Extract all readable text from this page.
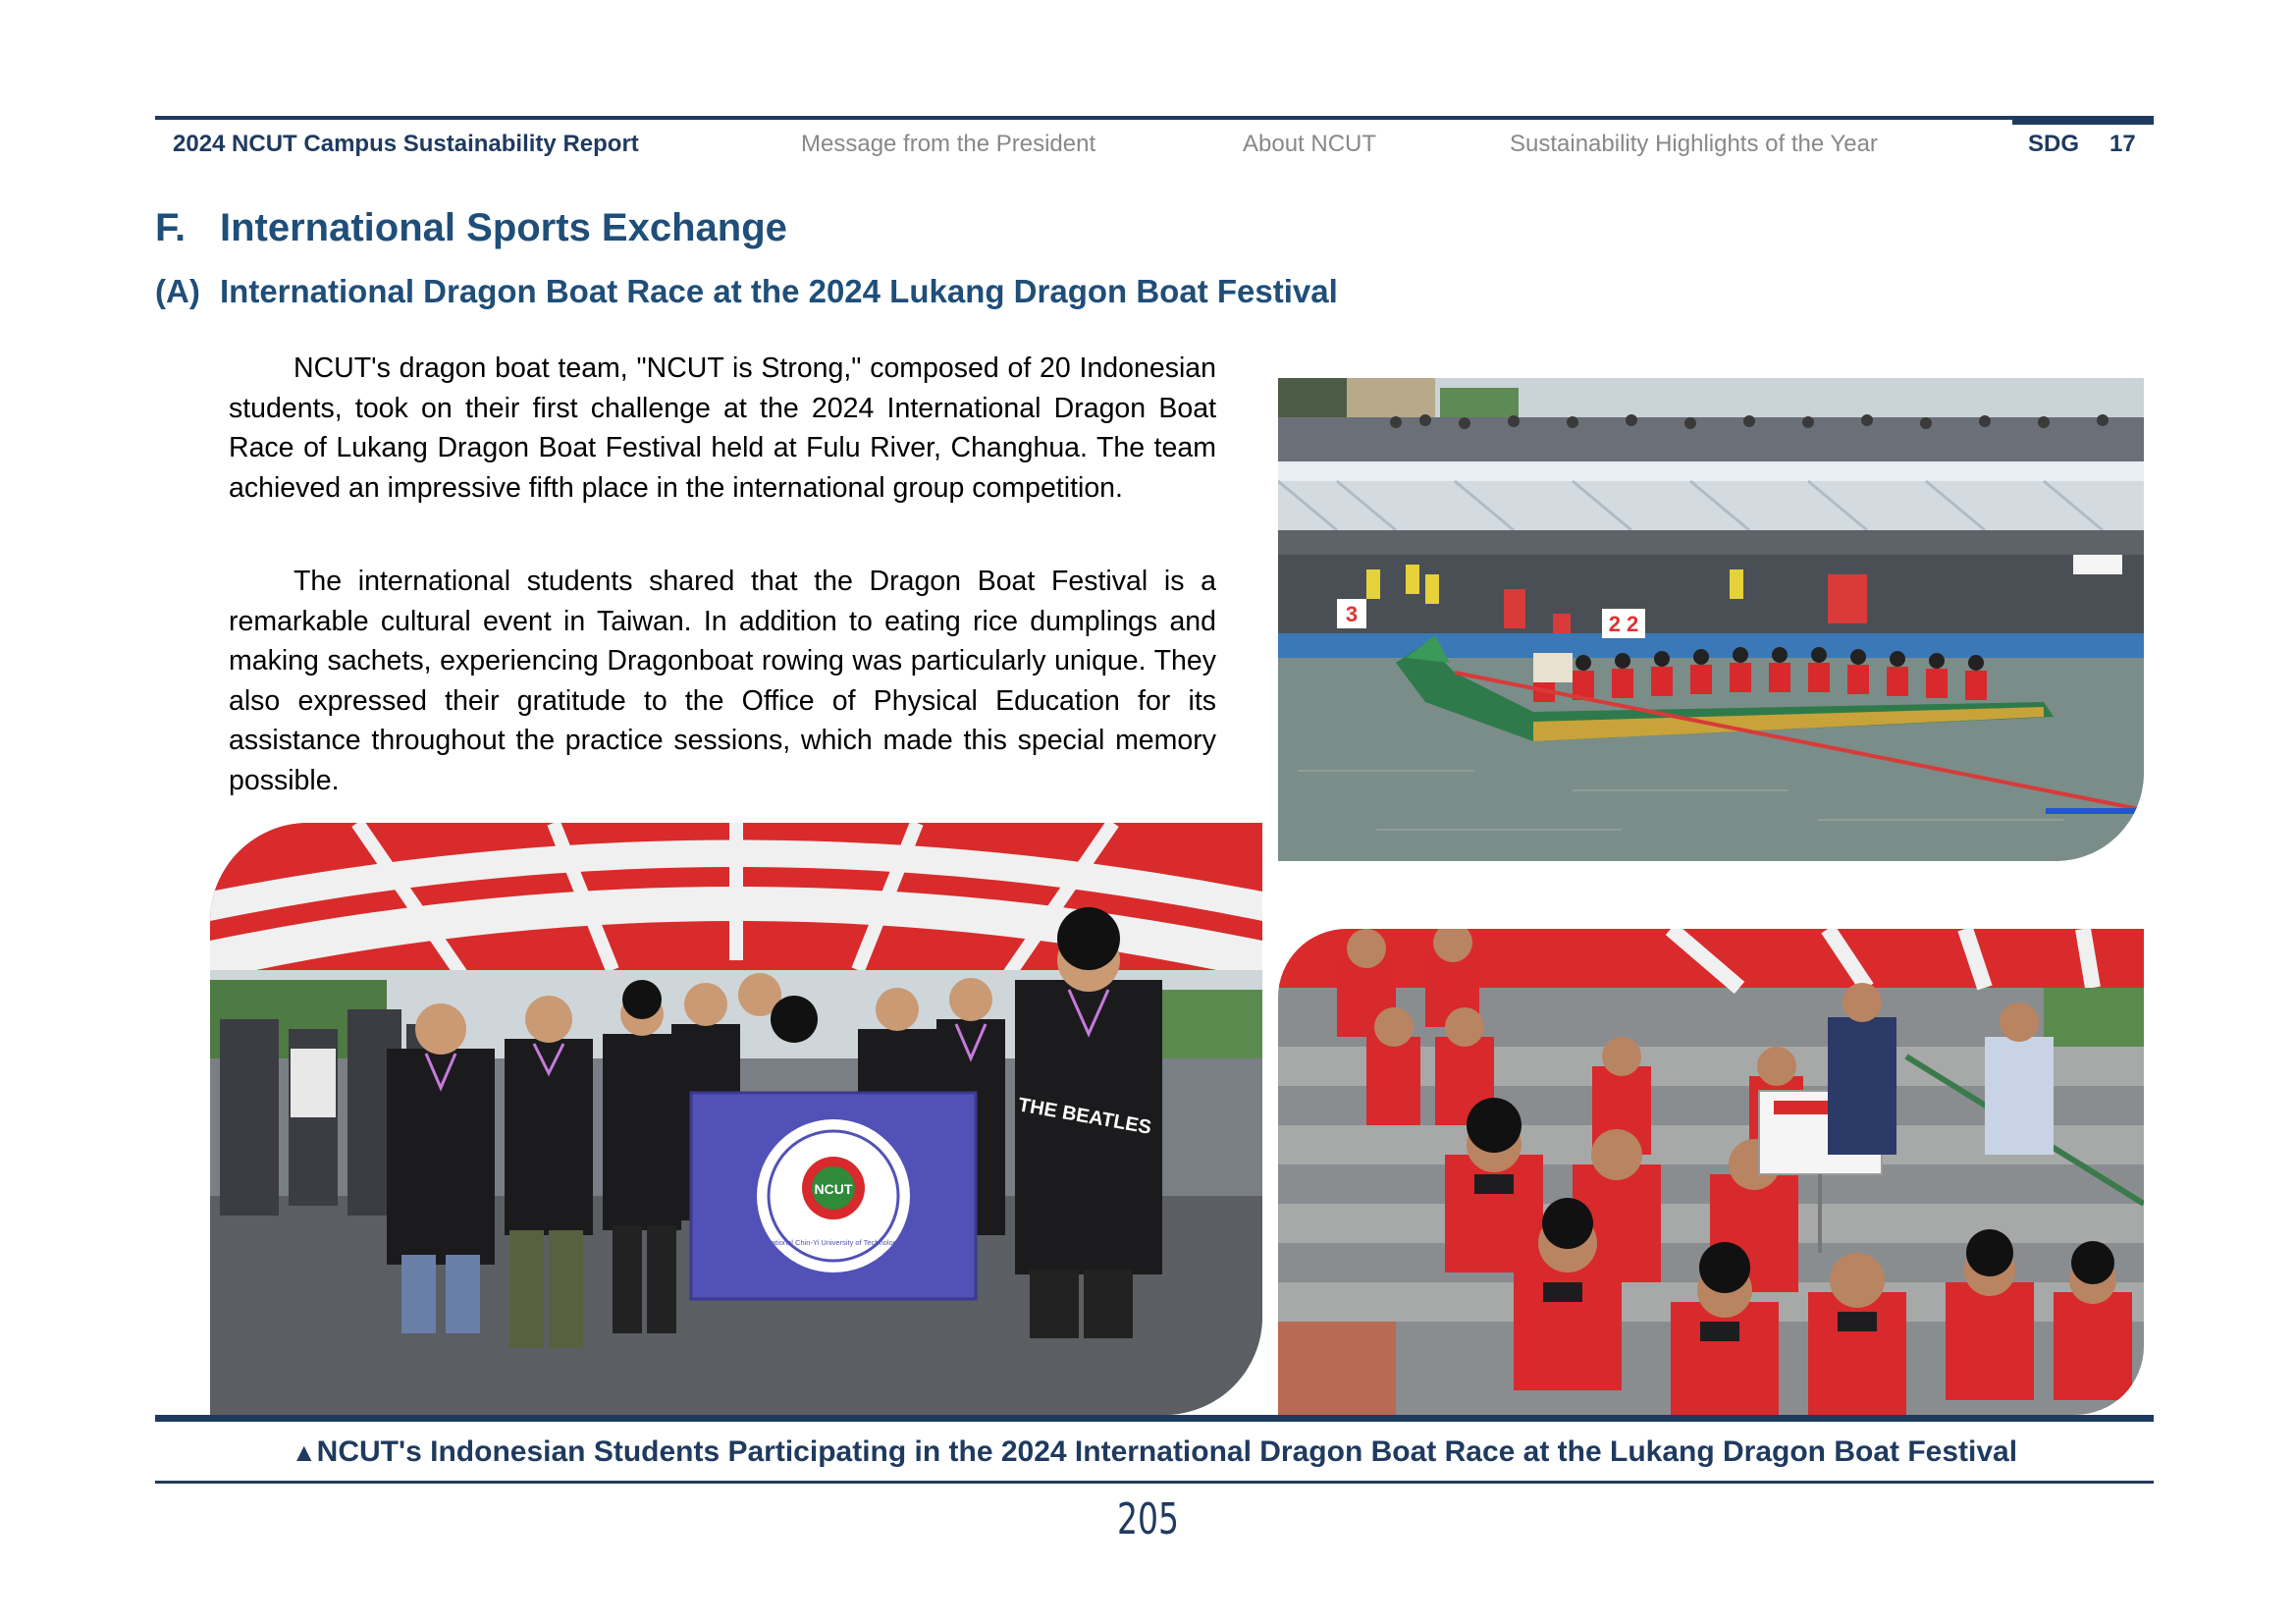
2024 NCUT Campus Sustainability Report	Message from the President	About NCUT	Sustainability Highlights of the Year	SDG 17
F. International Sports Exchange
(A) International Dragon Boat Race at the 2024 Lukang Dragon Boat Festival

NCUT's dragon boat team, "NCUT is Strong," composed of 20 Indonesian students, took on their first challenge at the 2024 International Dragon Boat Race of Lukang Dragon Boat Festival held at Fulu River, Changhua. The team achieved an impressive fifth place in the international group competition.

The international students shared that the Dragon Boat Festival is a remarkable cultural event in Taiwan. In addition to eating rice dumplings and making sachets, experiencing Dragonboat rowing was particularly unique. They also expressed their gratitude to the Office of Physical Education for its assistance throughout the practice sessions, which made this special memory possible.

2 2
3
NCUT
National Chin-Yi University of Technology
THE BEATLES
▲NCUT's Indonesian Students Participating in the 2024 International Dragon Boat Race at the Lukang Dragon Boat Festival
205
